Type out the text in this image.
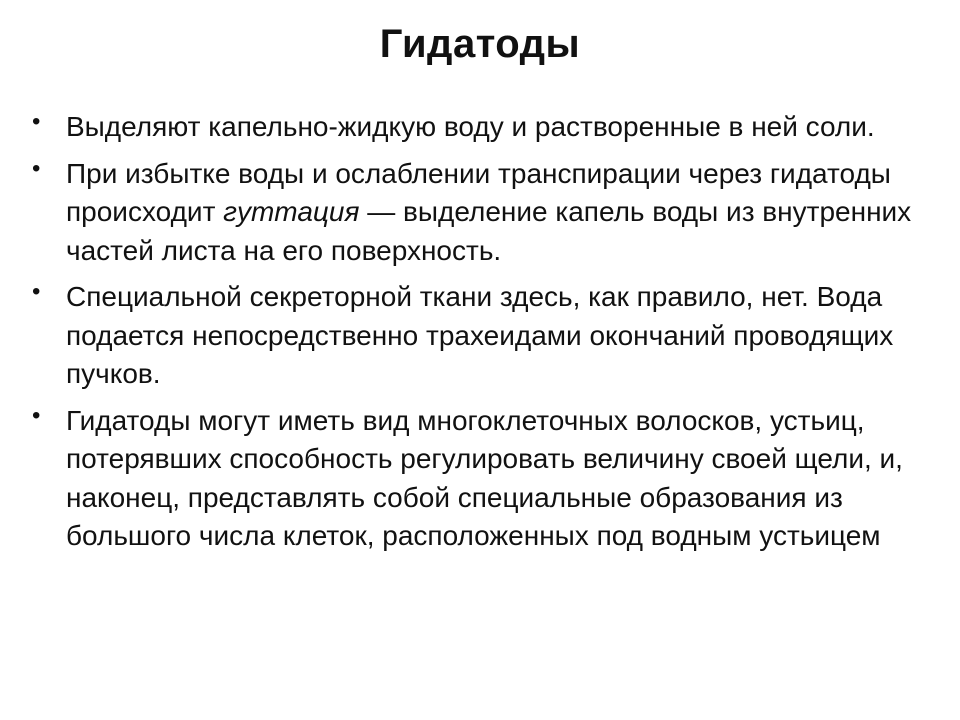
Гидатоды
• Выделяют капельно-жидкую воду и растворенные в ней соли.
• При избытке воды и ослаблении транспирации через гидатоды происходит гуттация — выделение капель воды из внутренних частей листа на его поверхность.
• Специальной секреторной ткани здесь, как правило, нет. Вода подается непосредственно трахеидами окончаний проводящих пучков.
• Гидатоды могут иметь вид многоклеточных волосков, устьиц, потерявших способность регулировать величину своей щели, и, наконец, представлять собой специальные образования из большого числа клеток, расположенных под водным устьицем
